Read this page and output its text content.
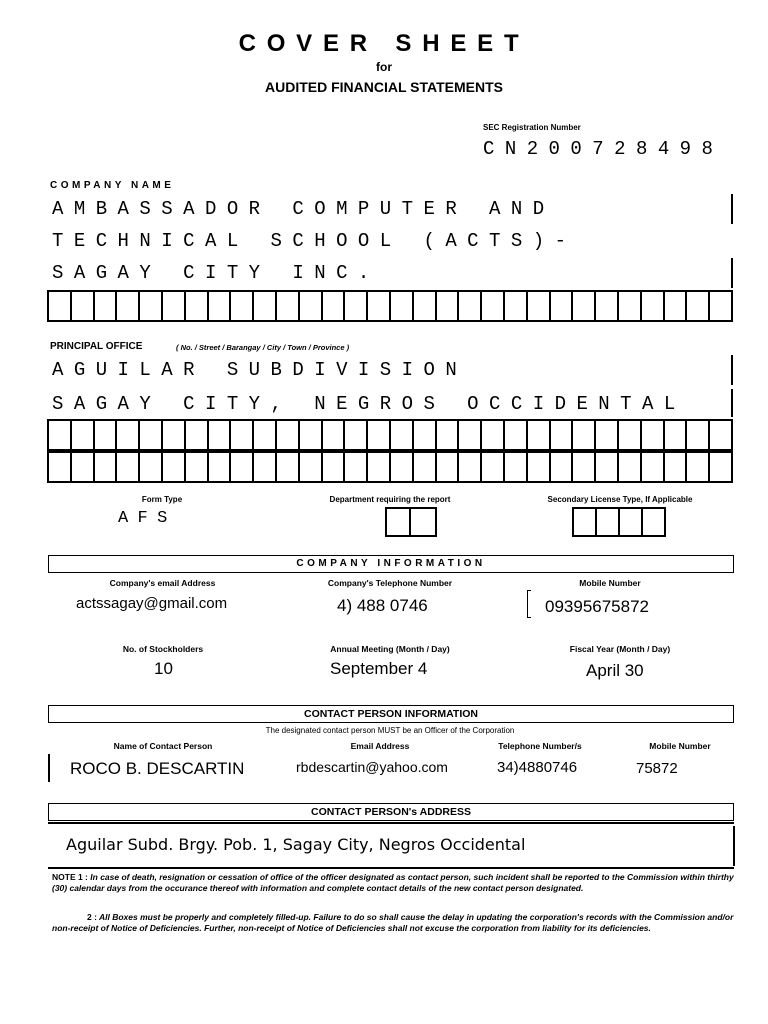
COVER SHEET
for
AUDITED FINANCIAL STATEMENTS
SEC Registration Number
CN200728498
COMPANY NAME
AMBASSADOR COMPUTER AND
TECHNICAL SCHOOL (ACTS)-
SAGAY CITY INC.
PRINCIPAL OFFICE	( No. / Street / Barangay / City / Town / Province )
AGUILAR SUBDIVISION
SAGAY CITY, NEGROS OCCIDENTAL
Form Type
AFS
Department requiring the report	Secondary License Type, If Applicable
COMPANY INFORMATION
Company's email Address
actssagay@gmail.com
Company's Telephone Number
4) 488 0746
Mobile Number
09395675872
No. of Stockholders
10
Annual Meeting (Month / Day)
September 4
Fiscal Year (Month / Day)
April 30
CONTACT PERSON INFORMATION
The designated contact person MUST be an Officer of the Corporation
Name of Contact Person	Email Address	Telephone Number/s	Mobile Number
ROCO B. DESCARTIN	rbdescartin@yahoo.com	34)4880746	75872
CONTACT PERSON's ADDRESS
Aguilar Subd. Brgy. Pob. 1, Sagay City, Negros Occidental
NOTE 1 : In case of death, resignation or cessation of office of the officer designated as contact person, such incident shall be reported to the Commission within thirthy (30) calendar days from the occurance thereof with information and complete contact details of the new contact person designated.
2 : All Boxes must be properly and completely filled-up. Failure to do so shall cause the delay in updating the corporation's records with the Commission and/or non-receipt of Notice of Deficiencies. Further, non-receipt of Notice of Deficiencies shall not excuse the corporation from liability for its deficiencies.
